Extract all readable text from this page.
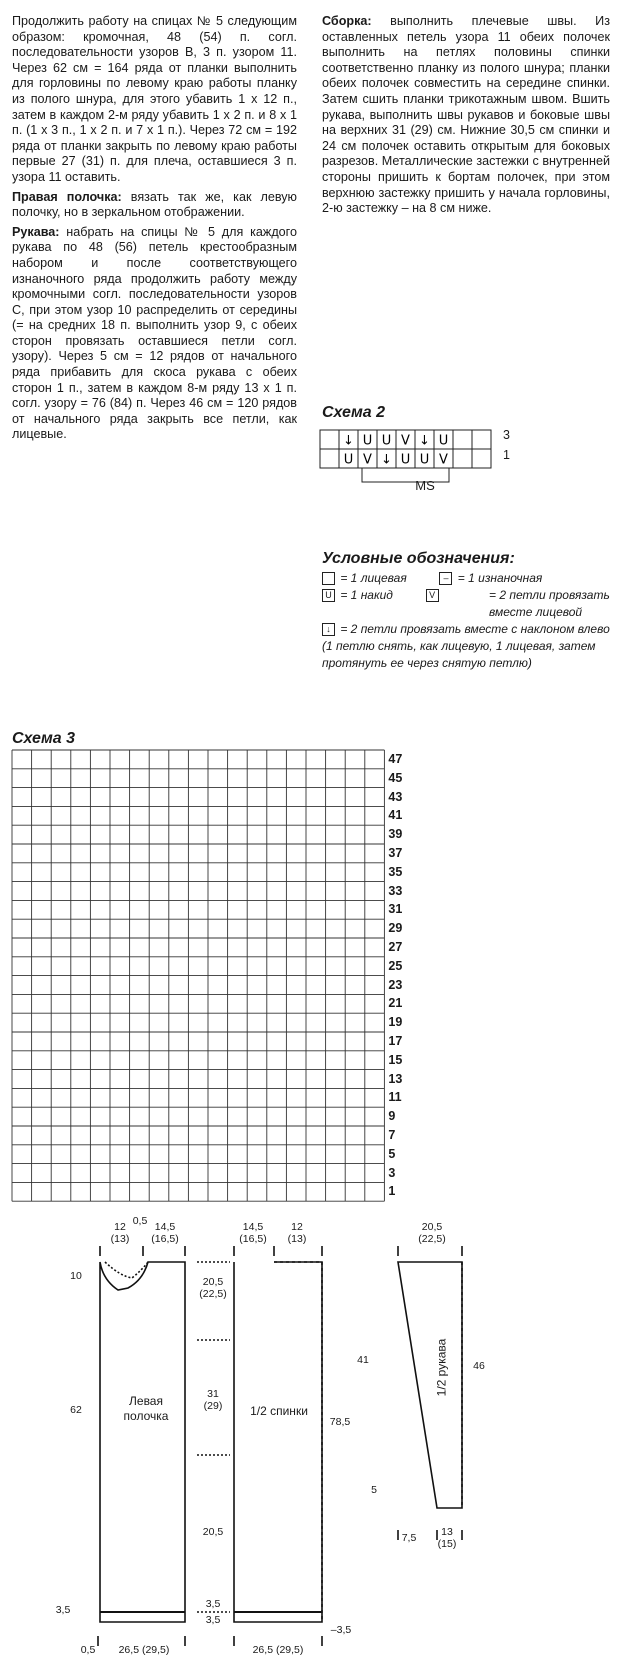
Продолжить работу на спицах № 5 следующим образом: кромочная, 48 (54) п. согл. последовательности узоров В, 3 п. узором 11. Через 62 см = 164 ряда от планки выполнить для горловины по левому краю работы планку из полого шнура, для этого убавить 1 х 12 п., затем в каждом 2-м ряду убавить 1 х 2 п. и 8 х 1 п. (1 х 3 п., 1 х 2 п. и 7 х 1 п.). Через 72 см = 192 ряда от планки закрыть по левому краю работы первые 27 (31) п. для плеча, оставшиеся 3 п. узора 11 оставить.

Правая полочка: вязать так же, как левую полочку, но в зеркальном отображении.

Рукава: набрать на спицы № 5 для каждого рукава по 48 (56) петель крестообразным набором и после соответствующего изнаночного ряда продолжить работу между кромочными согл. последовательности узоров С, при этом узор 10 распределить от середины (= на средних 18 п. выполнить узор 9, с обеих сторон провязать оставшиеся петли согл. узору). Через 5 см = 12 рядов от начального ряда прибавить для скоса рукава с обеих сторон 1 п., затем в каждом 8-м ряду 13 х 1 п. согл. узору = 76 (84) п. Через 46 см = 120 рядов от начального ряда закрыть все петли, как лицевые.

Сборка: выполнить плечевые швы. Из оставленных петель узора 11 обеих полочек выполнить на петлях половины спинки соответственно планку из полого шнура; планки обеих полочек совместить на середине спинки. Затем сшить планки трикотажным швом. Вшить рукава, выполнить швы рукавов и боковые швы на верхних 31 (29) см. Нижние 30,5 см спинки и 24 см полочек оставить открытым для боковых разрезов. Металлические застежки с внутренней стороны пришить к бортам полочек, при этом верхнюю застежку пришить у начала горловины, 2-ю застежку – на 8 см ниже.

Схема 2
↓ U U V ↓ U
U V ↓ U U V
3
1
MS
Условные обозначения:
= 1 лицевая	– = 1 изнаночная
U = 1 накид	V	= 2 петли провязать вместе лицевой
↓ = 2 петли провязать вместе с наклоном влево (1 петлю снять, как лицевую, 1 лицевая, затем протянуть ее через снятую петлю)
Схема 3
47
45
43
41
39
37
35
33
31
29
27
25
23
21
19
17
15
13
11
9
7
5
3
1
12
(13)
0,5 14,5
(16,5)
10
62
3,5
0,5	26,5 (29,5)
Левая полочка
20,5
(22,5)
31
(29)
20,5
3,5
3,5
14,5
(16,5)
12
(13)
78,5
–3,5
26,5 (29,5)
1/2 спинки
20,5
(22,5)
41	46
5
7,5	13
(15)
1/2 рукава
